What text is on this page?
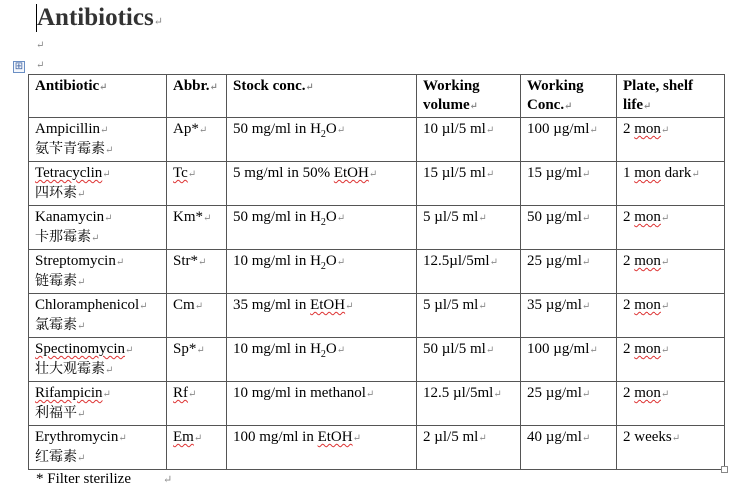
Antibiotics↵
↵
↵
⊞
Antibiotic↵	Abbr.↵	Stock conc.↵	Working volume↵	Working Conc.↵	Plate, shelf life↵
Ampicillin↵
氨苄青霉素↵	Ap*↵	50 mg/ml in $H_2O↵$	10 µl/5 ml↵	100 µg/ml↵	2 mon↵
Tetracyclin↵
四环素↵	Tc↵	5 mg/ml in 50% EtOH↵	15 µl/5 ml↵	15 µg/ml↵	1 mon dark↵
Kanamycin↵
卡那霉素↵	Km*↵	50 mg/ml in $H_2O↵$	5 µl/5 ml↵	50 µg/ml↵	2 mon↵
Streptomycin↵
链霉素↵	Str*↵	10 mg/ml in $H_2O↵$	12.5µl/5ml↵	25 µg/ml↵	2 mon↵
Chloramphenicol↵
氯霉素↵	Cm↵	35 mg/ml in EtOH↵	5 µl/5 ml↵	35 µg/ml↵	2 mon↵
Spectinomycin↵
壮大观霉素↵	Sp*↵	10 mg/ml in $H_2O↵$	50 µl/5 ml↵	100 µg/ml↵	2 mon↵
Rifampicin↵
利福平↵	Rf↵	10 mg/ml in methanol↵	12.5 µl/5ml↵	25 µg/ml↵	2 mon↵
Erythromycin↵
红霉素↵	Em↵	100 mg/ml in EtOH↵	2 µl/5 ml↵	40 µg/ml↵	2 weeks↵
* Filter sterilize	↵
